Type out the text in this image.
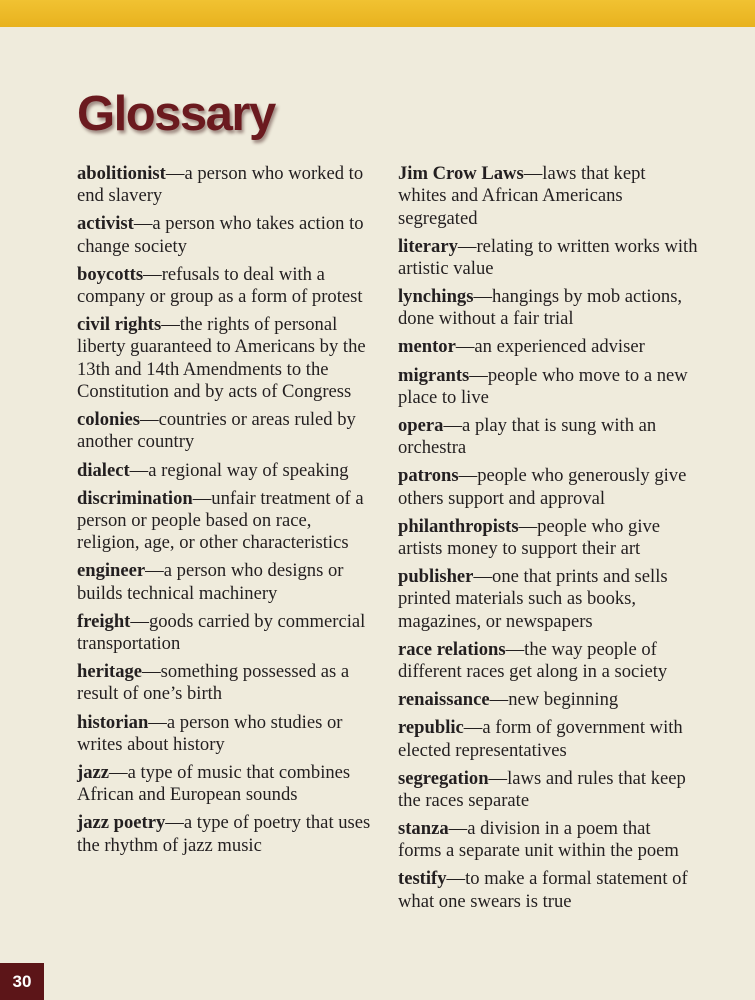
Glossary

abolitionist—a person who worked to end slavery

activist—a person who takes action to change society

boycotts—refusals to deal with a company or group as a form of protest

civil rights—the rights of personal liberty guaranteed to Americans by the 13th and 14th Amendments to the Constitution and by acts of Congress

colonies—countries or areas ruled by another country

dialect—a regional way of speaking

discrimination—unfair treatment of a person or people based on race, religion, age, or other characteristics

engineer—a person who designs or builds technical machinery

freight—goods carried by commercial transportation

heritage—something possessed as a result of one’s birth

historian—a person who studies or writes about history

jazz—a type of music that combines African and European sounds

jazz poetry—a type of poetry that uses the rhythm of jazz music

Jim Crow Laws—laws that kept whites and African Americans segregated

literary—relating to written works with artistic value

lynchings—hangings by mob actions, done without a fair trial

mentor—an experienced adviser

migrants—people who move to a new place to live

opera—a play that is sung with an orchestra

patrons—people who generously give others support and approval

philanthropists—people who give artists money to support their art

publisher—one that prints and sells printed materials such as books, magazines, or newspapers

race relations—the way people of different races get along in a society

renaissance—new beginning

republic—a form of government with elected representatives

segregation—laws and rules that keep the races separate

stanza—a division in a poem that forms a separate unit within the poem

testify—to make a formal statement of what one swears is true

30
